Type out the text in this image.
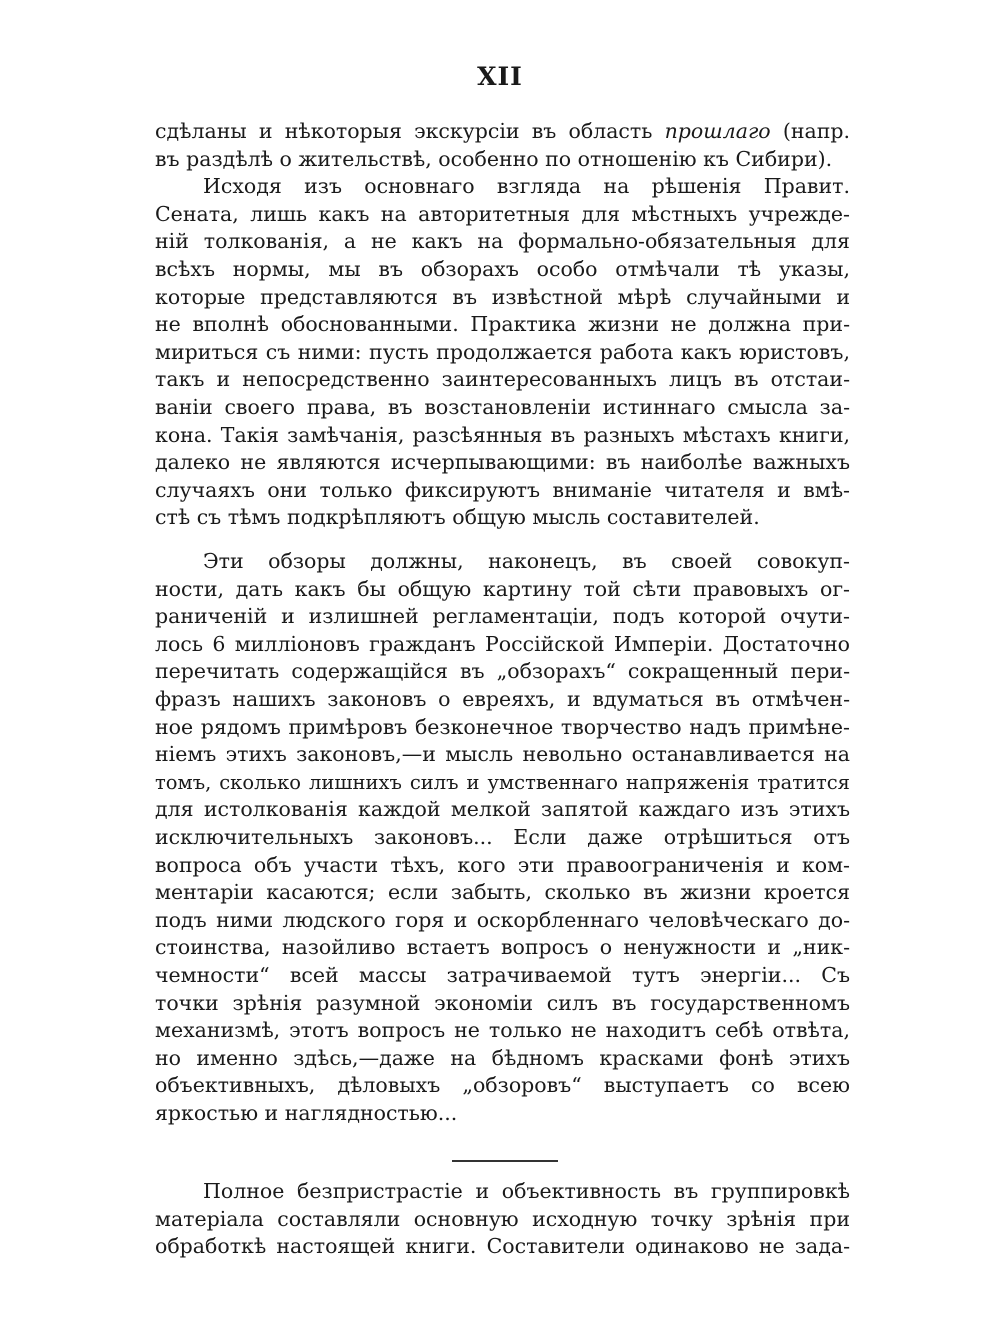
XII
сдѣланы и нѣкоторыя экскурсіи въ область прошлаго (напр.
въ раздѣлѣ о жительствѣ, особенно по отношенію къ Сибири).
Исходя изъ основнаго взгляда на рѣшенія Правит.
Сената, лишь какъ на авторитетныя для мѣстныхъ учрежде-
ній толкованія, а не какъ на формально-обязательныя для
всѣхъ нормы, мы въ обзорахъ особо отмѣчали тѣ указы,
которые представляются въ извѣстной мѣрѣ случайными и
не вполнѣ обоснованными. Практика жизни не должна при-
мириться съ ними: пусть продолжается работа какъ юристовъ,
такъ и непосредственно заинтересованныхъ лицъ въ отстаи-
ваніи своего права, въ возстановленіи истиннаго смысла за-
кона. Такія замѣчанія, разсѣянныя въ разныхъ мѣстахъ книги,
далеко не являются исчерпывающими: въ наиболѣе важныхъ
случаяхъ они только фиксируютъ вниманіе читателя и вмѣ-
стѣ съ тѣмъ подкрѣпляютъ общую мысль составителей.
Эти обзоры должны, наконецъ, въ своей совокуп-
ности, дать какъ бы общую картину той сѣти правовыхъ ог-
раниченій и излишней регламентаціи, подъ которой очути-
лось 6 милліоновъ гражданъ Россійской Имперіи. Достаточно
перечитать содержащійся въ „обзорахъ“ сокращенный пери-
фразъ нашихъ законовъ о евреяхъ, и вдуматься въ отмѣчен-
ное рядомъ примѣровъ безконечное творчество надъ примѣне-
ніемъ этихъ законовъ,—и мысль невольно останавливается на
томъ, сколько лишнихъ силъ и умственнаго напряженія тратится
для истолкованія каждой мелкой запятой каждаго изъ этихъ
исключительныхъ законовъ... Если даже отрѣшиться отъ
вопроса объ участи тѣхъ, кого эти правоограниченія и ком-
ментаріи касаются; если забыть, сколько въ жизни кроется
подъ ними людского горя и оскорбленнаго человѣческаго до-
стоинства, назойливо встаетъ вопросъ о ненужности и „ник-
чемности“ всей массы затрачиваемой тутъ энергіи... Съ
точки зрѣнія разумной экономіи силъ въ государственномъ
механизмѣ, этотъ вопросъ не только не находитъ себѣ отвѣта,
но именно здѣсь,—даже на бѣдномъ красками фонѣ этихъ
объективныхъ, дѣловыхъ „обзоровъ“ выступаетъ со всею
яркостью и наглядностью...
Полное безпристрастіе и объективность въ группировкѣ
матеріала составляли основную исходную точку зрѣнія при
обработкѣ настоящей книги. Составители одинаково не зада-
